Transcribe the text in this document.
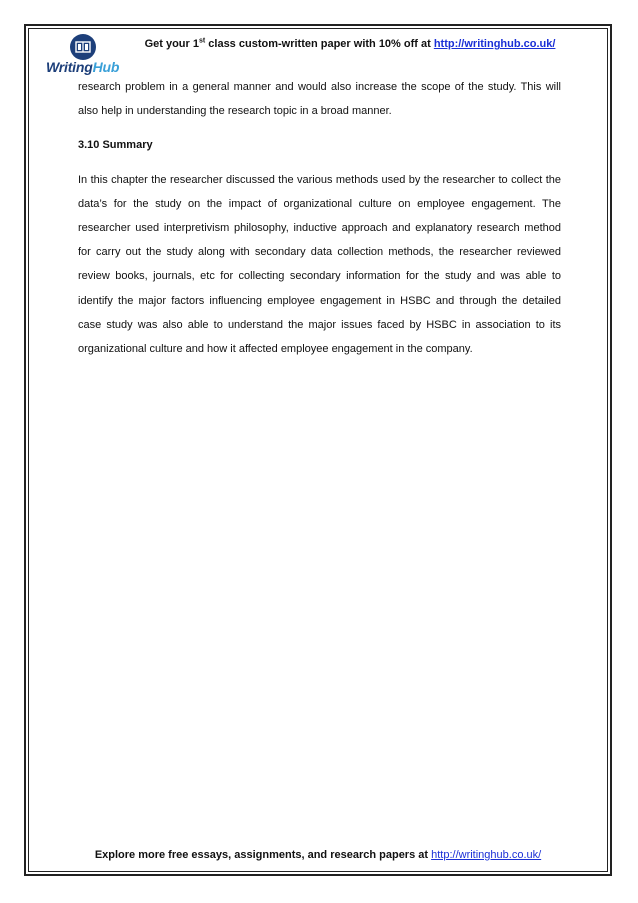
WritingHub
Get your 1st class custom-written paper with 10% off at http://writinghub.co.uk/

research problem in a general manner and would also increase the scope of the study. This will also help in understanding the research topic in a broad manner.

3.10 Summary

In this chapter the researcher discussed the various methods used by the researcher to collect the data’s for the study on the impact of organizational culture on employee engagement. The researcher used interpretivism philosophy, inductive approach and explanatory research method for carry out the study along with secondary data collection methods, the researcher reviewed review books, journals, etc for collecting secondary information for the study and was able to identify the major factors influencing employee engagement in HSBC and through the detailed case study was also able to understand the major issues faced by HSBC in association to its organizational culture and how it affected employee engagement in the company.

Explore more free essays, assignments, and research papers at http://writinghub.co.uk/
